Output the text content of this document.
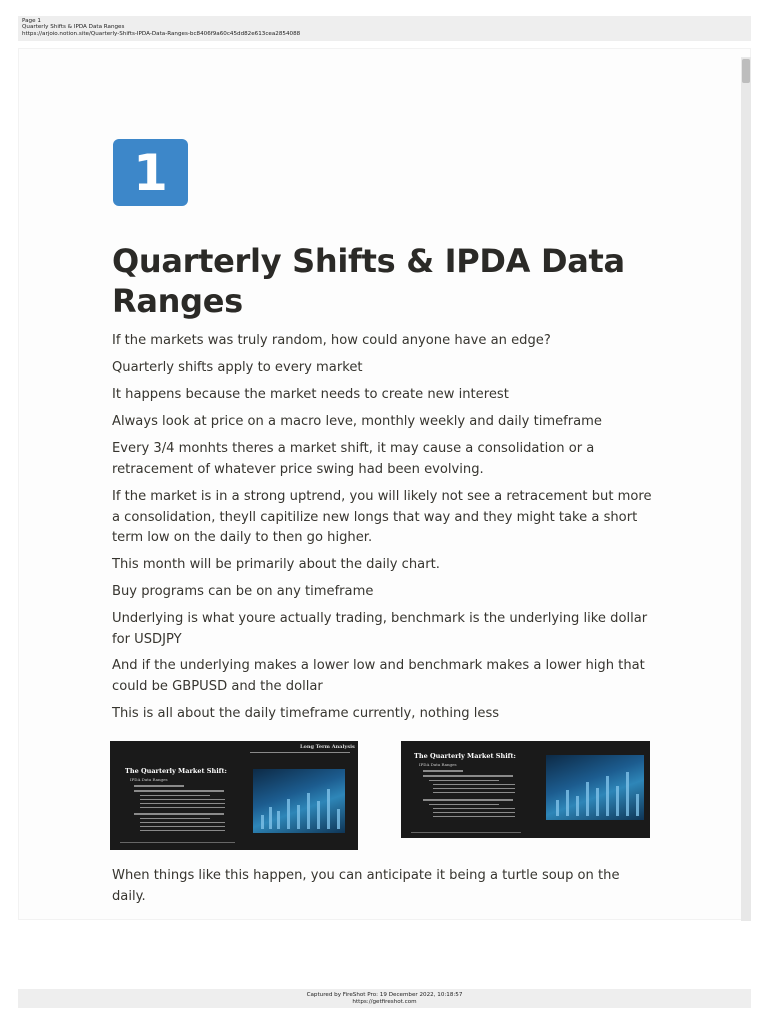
Page 1
Quarterly Shifts & IPDA Data Ranges
https://arjoio.notion.site/Quarterly-Shifts-IPDA-Data-Ranges-bc8406f9a60c45dd82e613cea2854088
1
Quarterly Shifts & IPDA Data Ranges

If the markets was truly random, how could anyone have an edge?

Quarterly shifts apply to every market

It happens because the market needs to create new interest

Always look at price on a macro leve, monthly weekly and daily timeframe

Every 3/4 monhts theres a market shift, it may cause a consolidation or a retracement of whatever price swing had been evolving.

If the market is in a strong uptrend, you will likely not see a retracement but more a consolidation, theyll capitilize new longs that way and they might take a short term low on the daily to then go higher.

This month will be primarily about the daily chart.

Buy programs can be on any timeframe

Underlying is what youre actually trading, benchmark is the underlying like dollar for USDJPY

And if the underlying makes a lower low and benchmark makes a lower high that could be GBPUSD and the dollar

This is all about the daily timeframe currently, nothing less

Long Term Analysis
The Quarterly Market Shift:
IPDA Data Ranges
The Quarterly Market Shift:
IPDA Data Ranges

When things like this happen, you can anticipate it being a turtle soup on the daily.

Captured by FireShot Pro: 19 December 2022, 10:18:57
https://getfireshot.com
